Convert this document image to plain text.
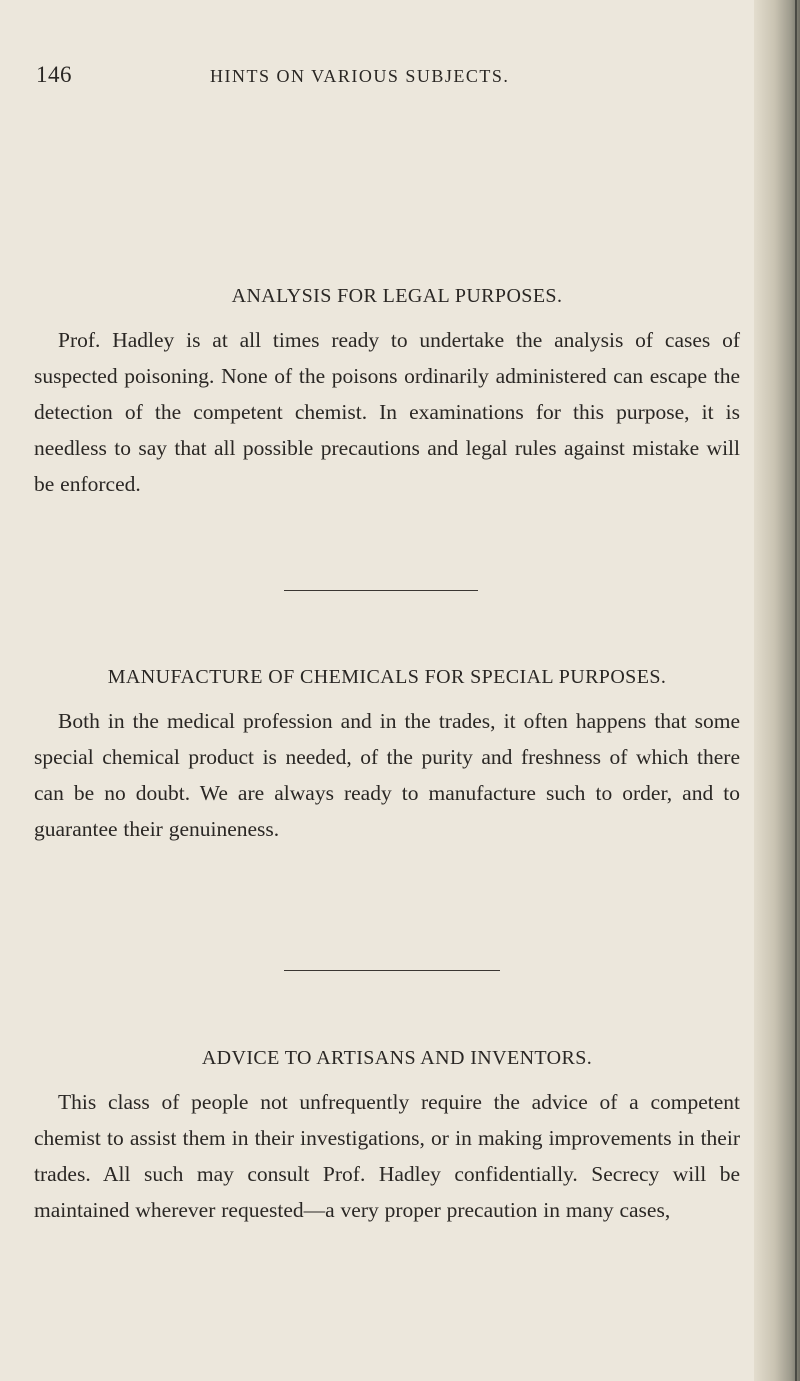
146	HINTS ON VARIOUS SUBJECTS.
ANALYSIS FOR LEGAL PURPOSES.

Prof. Hadley is at all times ready to undertake the analysis of cases of suspected poisoning. None of the poisons ordinarily administered can escape the detection of the competent chemist. In examinations for this purpose, it is needless to say that all possible precautions and legal rules against mistake will be enforced.

MANUFACTURE OF CHEMICALS FOR SPECIAL PURPOSES.

Both in the medical profession and in the trades, it often happens that some special chemical product is needed, of the purity and freshness of which there can be no doubt. We are always ready to manufacture such to order, and to guarantee their genuineness.

ADVICE TO ARTISANS AND INVENTORS.

This class of people not unfrequently require the advice of a competent chemist to assist them in their investigations, or in making improvements in their trades. All such may consult Prof. Hadley confidentially. Secrecy will be maintained wherever requested—a very proper precaution in many cases,
